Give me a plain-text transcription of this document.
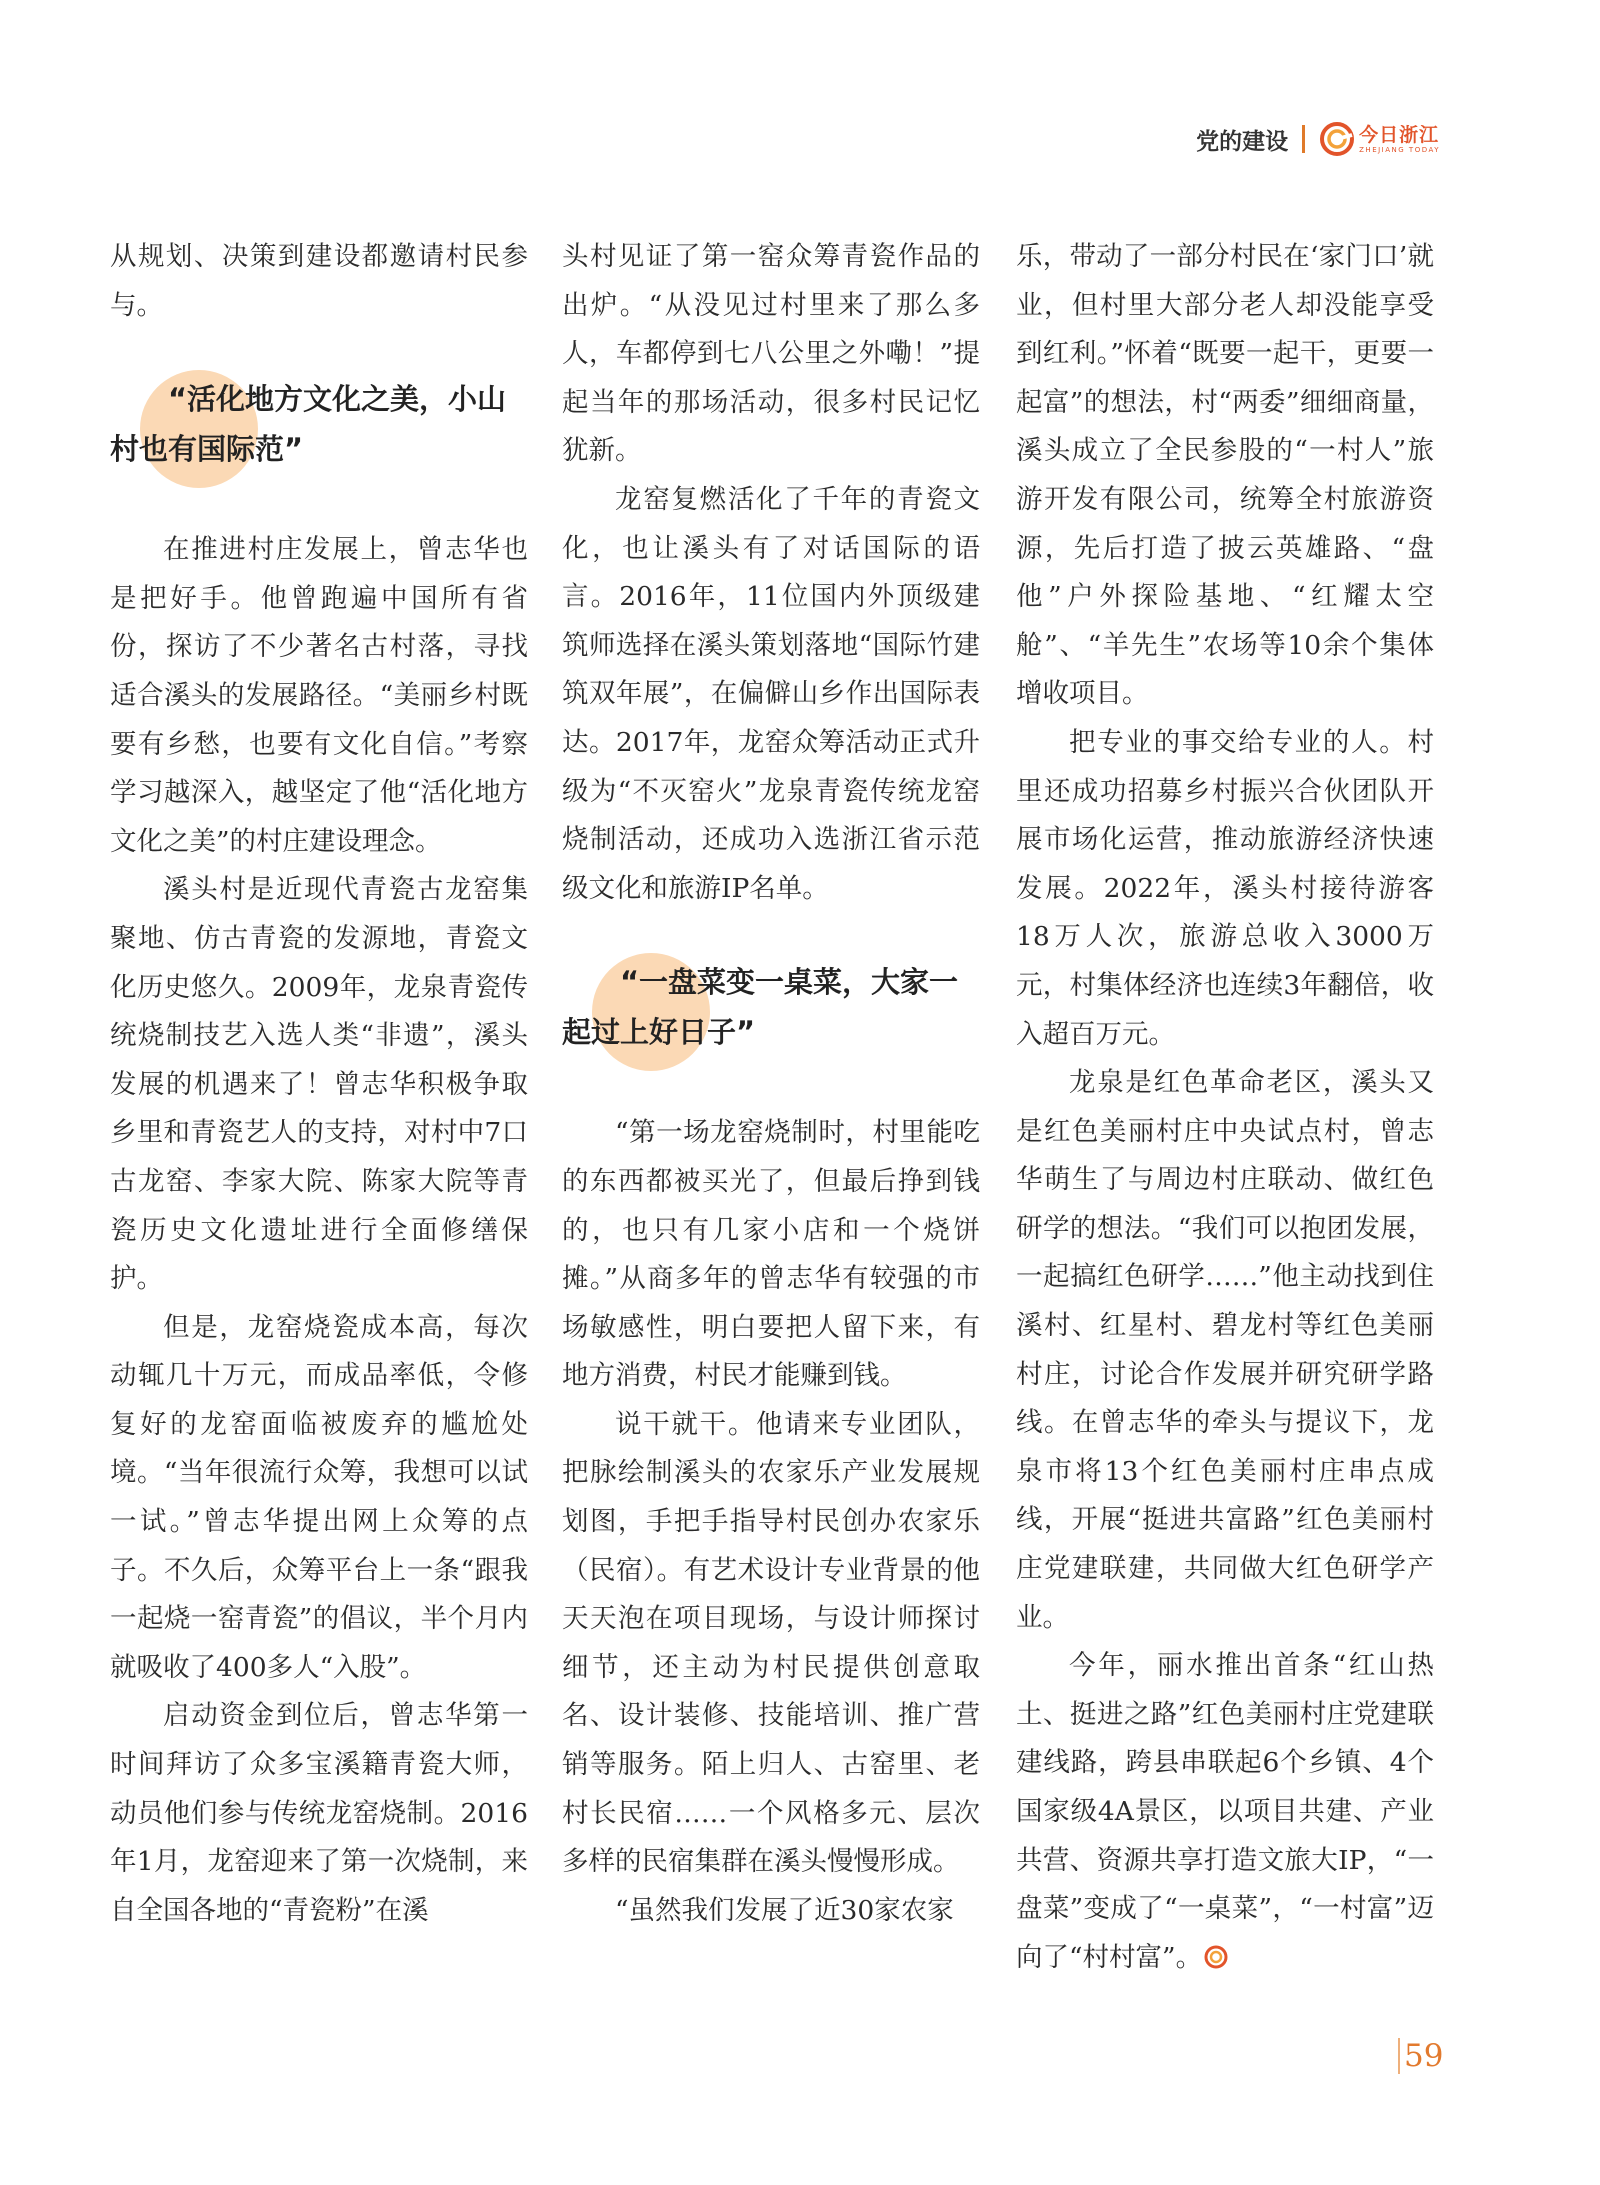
党的建设	今日浙江
ZHEJIANG TODAY

从规划、决策到建设都邀请村民参与。

“活化地方文化之美，小山村也有国际范”

在推进村庄发展上，曾志华也是把好手。他曾跑遍中国所有省份，探访了不少著名古村落，寻找适合溪头的发展路径。“美丽乡村既要有乡愁，也要有文化自信。”考察学习越深入，越坚定了他“活化地方文化之美”的村庄建设理念。

溪头村是近现代青瓷古龙窑集聚地、仿古青瓷的发源地，青瓷文化历史悠久。2009年，龙泉青瓷传统烧制技艺入选人类“非遗”，溪头发展的机遇来了！曾志华积极争取乡里和青瓷艺人的支持，对村中7口古龙窑、李家大院、陈家大院等青瓷历史文化遗址进行全面修缮保护。

但是，龙窑烧瓷成本高，每次动辄几十万元，而成品率低，令修复好的龙窑面临被废弃的尴尬处境。“当年很流行众筹，我想可以试一试。”曾志华提出网上众筹的点子。不久后，众筹平台上一条“跟我一起烧一窑青瓷”的倡议，半个月内就吸收了400多人“入股”。

启动资金到位后，曾志华第一时间拜访了众多宝溪籍青瓷大师，动员他们参与传统龙窑烧制。2016年1月，龙窑迎来了第一次烧制，来自全国各地的“青瓷粉”在溪

头村见证了第一窑众筹青瓷作品的出炉。“从没见过村里来了那么多人，车都停到七八公里之外嘞！”提起当年的那场活动，很多村民记忆犹新。

龙窑复燃活化了千年的青瓷文化，也让溪头有了对话国际的语言。2016年，11位国内外顶级建筑师选择在溪头策划落地“国际竹建筑双年展”，在偏僻山乡作出国际表达。2017年，龙窑众筹活动正式升级为“不灭窑火”龙泉青瓷传统龙窑烧制活动，还成功入选浙江省示范级文化和旅游IP名单。

“一盘菜变一桌菜，大家一起过上好日子”

“第一场龙窑烧制时，村里能吃的东西都被买光了，但最后挣到钱的，也只有几家小店和一个烧饼摊。”从商多年的曾志华有较强的市场敏感性，明白要把人留下来，有地方消费，村民才能赚到钱。

说干就干。他请来专业团队，把脉绘制溪头的农家乐产业发展规划图，手把手指导村民创办农家乐（民宿）。有艺术设计专业背景的他天天泡在项目现场，与设计师探讨细节，还主动为村民提供创意取名、设计装修、技能培训、推广营销等服务。陌上归人、古窑里、老村长民宿……一个风格多元、层次多样的民宿集群在溪头慢慢形成。

“虽然我们发展了近30家农家

乐，带动了一部分村民在‘家门口’就业，但村里大部分老人却没能享受到红利。”怀着“既要一起干，更要一起富”的想法，村“两委”细细商量，溪头成立了全民参股的“一村人”旅游开发有限公司，统筹全村旅游资源，先后打造了披云英雄路、“盘他”户外探险基地、“红耀太空舱”、“羊先生”农场等10余个集体增收项目。

把专业的事交给专业的人。村里还成功招募乡村振兴合伙团队开展市场化运营，推动旅游经济快速发展。2022年，溪头村接待游客18万人次，旅游总收入3000万元，村集体经济也连续3年翻倍，收入超百万元。

龙泉是红色革命老区，溪头又是红色美丽村庄中央试点村，曾志华萌生了与周边村庄联动、做红色研学的想法。“我们可以抱团发展，一起搞红色研学……”他主动找到住溪村、红星村、碧龙村等红色美丽村庄，讨论合作发展并研究研学路线。在曾志华的牵头与提议下，龙泉市将13个红色美丽村庄串点成线，开展“挺进共富路”红色美丽村庄党建联建，共同做大红色研学产业。

今年，丽水推出首条“红山热土、挺进之路”红色美丽村庄党建联建线路，跨县串联起6个乡镇、4个国家级4A景区，以项目共建、产业共营、资源共享打造文旅大IP，“一盘菜”变成了“一桌菜”，“一村富”迈向了“村村富”。

59
